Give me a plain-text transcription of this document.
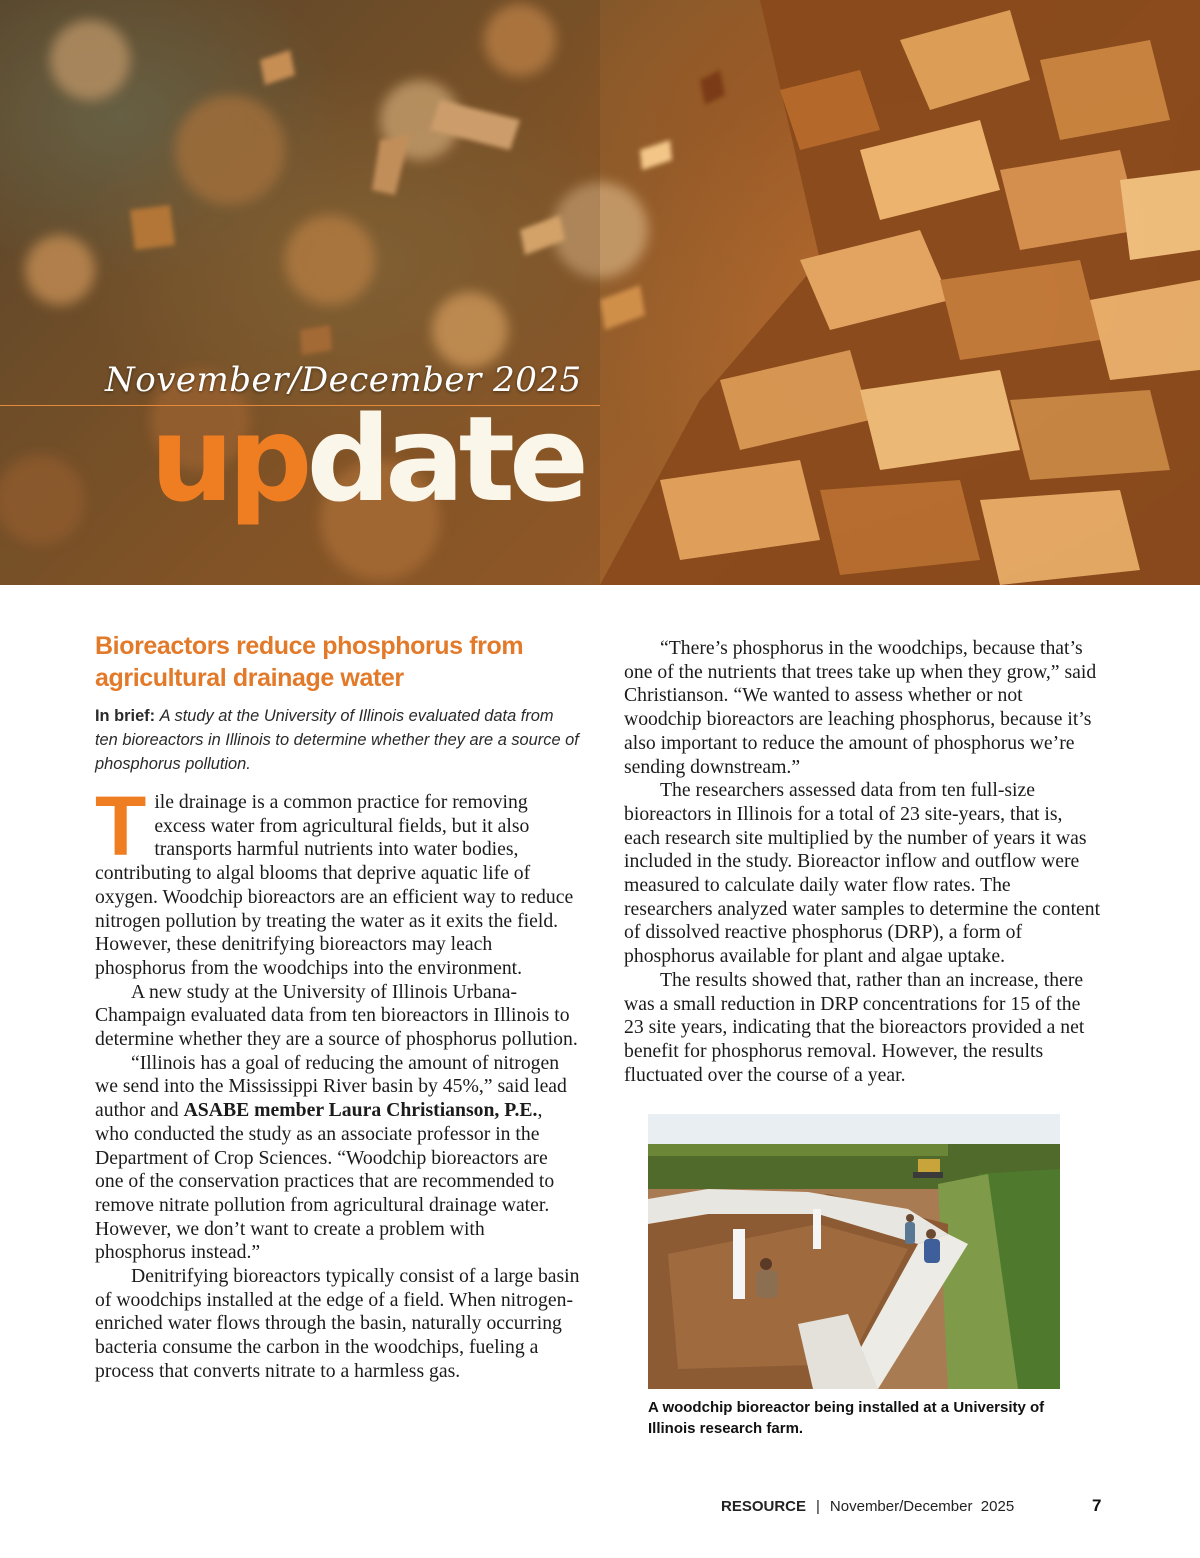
November/December 2025
update
Bioreactors reduce phosphorus from agricultural drainage water

In brief: A study at the University of Illinois evaluated data from ten bioreactors in Illinois to determine whether they are a source of phosphorus pollution.

Tile drainage is a common practice for removing excess water from agricultural fields, but it also transports harmful nutrients into water bodies, contributing to algal blooms that deprive aquatic life of oxygen. Woodchip bioreactors are an efficient way to reduce nitrogen pollution by treating the water as it exits the field. However, these denitrifying bioreactors may leach phosphorus from the woodchips into the environment.

A new study at the University of Illinois Urbana-Champaign evaluated data from ten bioreactors in Illinois to determine whether they are a source of phosphorus pollution.

“Illinois has a goal of reducing the amount of nitrogen we send into the Mississippi River basin by 45%,” said lead author and ASABE member Laura Christianson, P.E., who conducted the study as an associate professor in the Department of Crop Sciences. “Woodchip bioreactors are one of the conservation practices that are recommended to remove nitrate pollution from agricultural drainage water. However, we don’t want to create a problem with phosphorus instead.”

Denitrifying bioreactors typically consist of a large basin of woodchips installed at the edge of a field. When nitrogen-enriched water flows through the basin, naturally occurring bacteria consume the carbon in the woodchips, fueling a process that converts nitrate to a harmless gas.

“There’s phosphorus in the woodchips, because that’s one of the nutrients that trees take up when they grow,” said Christianson. “We wanted to assess whether or not woodchip bioreactors are leaching phosphorus, because it’s also important to reduce the amount of phosphorus we’re sending downstream.”

The researchers assessed data from ten full-size bioreactors in Illinois for a total of 23 site-years, that is, each research site multiplied by the number of years it was included in the study. Bioreactor inflow and outflow were measured to calculate daily water flow rates. The researchers analyzed water samples to determine the content of dissolved reactive phosphorus (DRP), a form of phosphorus available for plant and algae uptake.

The results showed that, rather than an increase, there was a small reduction in DRP concentrations for 15 of the 23 site years, indicating that the bioreactors provided a net benefit for phosphorus removal. However, the results fluctuated over the course of a year.

A woodchip bioreactor being installed at a University of Illinois research farm.
RESOURCE | November/December  2025	7
